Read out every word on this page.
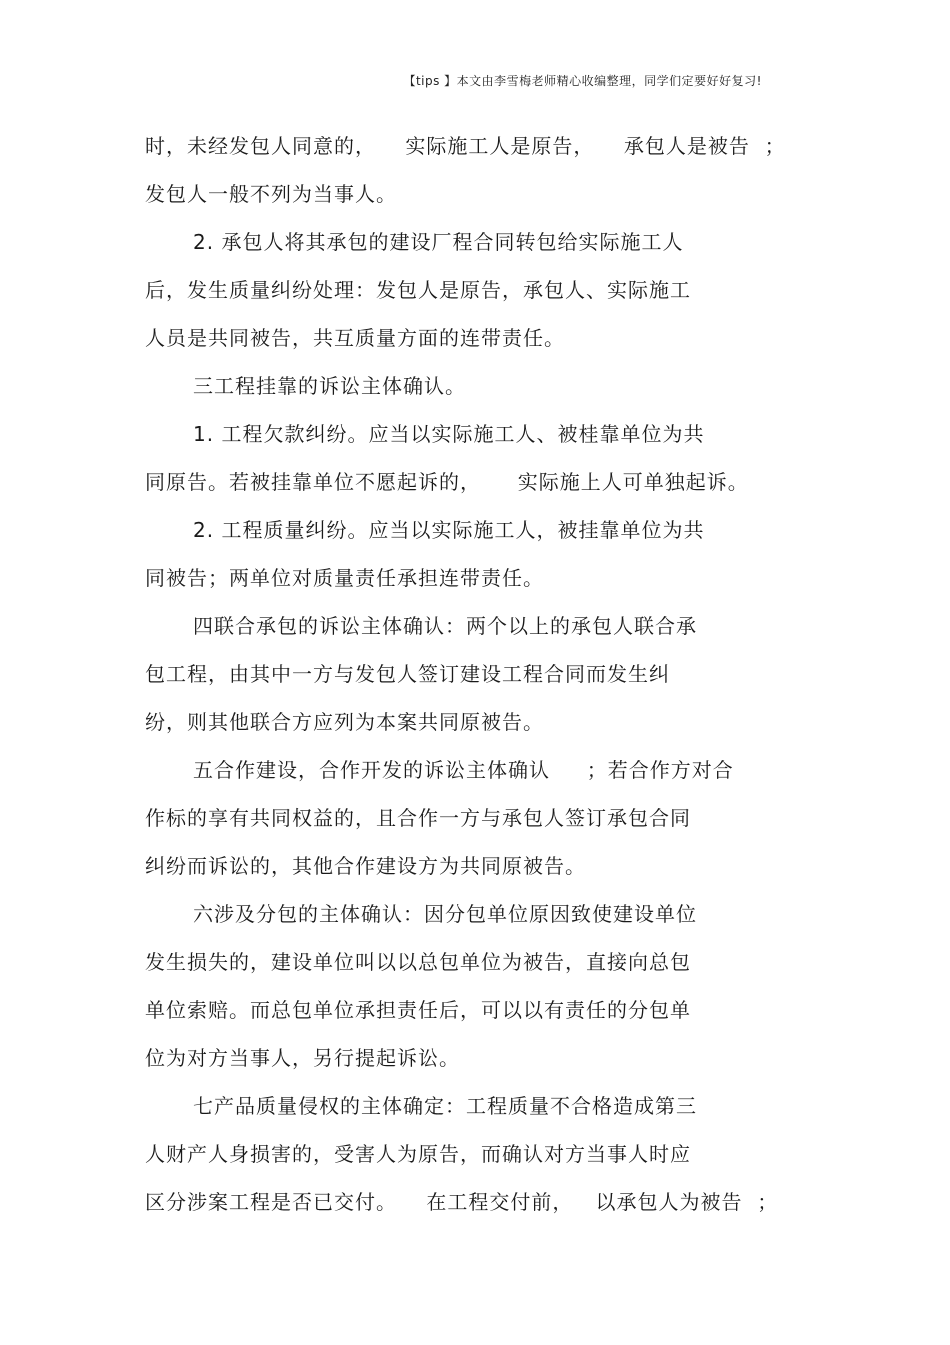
【tips 】本文由李雪梅老师精心收编整理，同学们定要好好复习!
时，未经发包人同意的，    实际施工人是原告，    承包人是被告  ；
发包人一般不列为当事人。
2. 承包人将其承包的建设厂程合同转包给实际施工人
后，发生质量纠纷处理：发包人是原告，承包人、实际施工
人员是共同被告，共互质量方面的连带责任。
三工程挂靠的诉讼主体确认。
1. 工程欠款纠纷。应当以实际施工人、被桂靠单位为共
同原告。若被挂靠单位不愿起诉的，     实际施上人可单独起诉。
2. 工程质量纠纷。应当以实际施工人，被挂靠单位为共
同被告；两单位对质量责任承担连带责任。
四联合承包的诉讼主体确认：两个以上的承包人联合承
包工程，由其中一方与发包人签订建设工程合同而发生纠
纷，则其他联合方应列为本案共同原被告。
五合作建设，合作开发的诉讼主体确认     ；若合作方对合
作标的享有共同权益的，且合作一方与承包人签订承包合同
纠纷而诉讼的，其他合作建设方为共同原被告。
六涉及分包的主体确认：因分包单位原因致使建设单位
发生损失的，建设单位叫以以总包单位为被告，直接向总包
单位索赔。而总包单位承担责任后，可以以有责任的分包单
位为对方当事人，另行提起诉讼。
七产品质量侵权的主体确定：工程质量不合格造成第三
人财产人身损害的，受害人为原告，而确认对方当事人时应
区分涉案工程是否已交付。    在工程交付前，   以承包人为被告  ；
